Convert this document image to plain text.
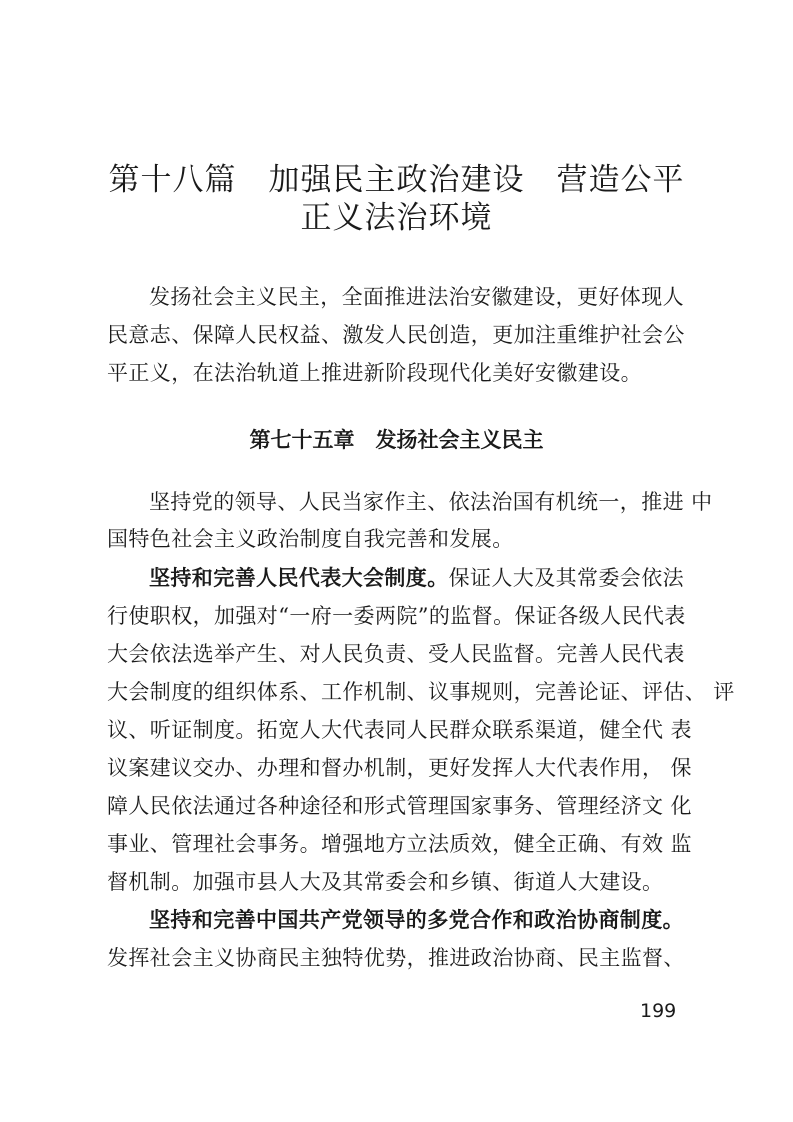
第十八篇　加强民主政治建设　营造公平
正义法治环境
发扬社会主义民主，全面推进法治安徽建设，更好体现人
民意志、保障人民权益、激发人民创造，更加注重维护社会公
平正义，在法治轨道上推进新阶段现代化美好安徽建设。
第七十五章　发扬社会主义民主
坚持党的领导、人民当家作主、依法治国有机统一，推进 中
国特色社会主义政治制度自我完善和发展。
坚持和完善人民代表大会制度。保证人大及其常委会依法
行使职权，加强对“一府一委两院”的监督。保证各级人民代表
大会依法选举产生、对人民负责、受人民监督。完善人民代表
大会制度的组织体系、工作机制、议事规则，完善论证、评估、 评
议、听证制度。拓宽人大代表同人民群众联系渠道，健全代 表
议案建议交办、办理和督办机制，更好发挥人大代表作用， 保
障人民依法通过各种途径和形式管理国家事务、管理经济文 化
事业、管理社会事务。增强地方立法质效，健全正确、有效 监
督机制。加强市县人大及其常委会和乡镇、街道人大建设。
坚持和完善中国共产党领导的多党合作和政治协商制度。
发挥社会主义协商民主独特优势，推进政治协商、民主监督、
199
